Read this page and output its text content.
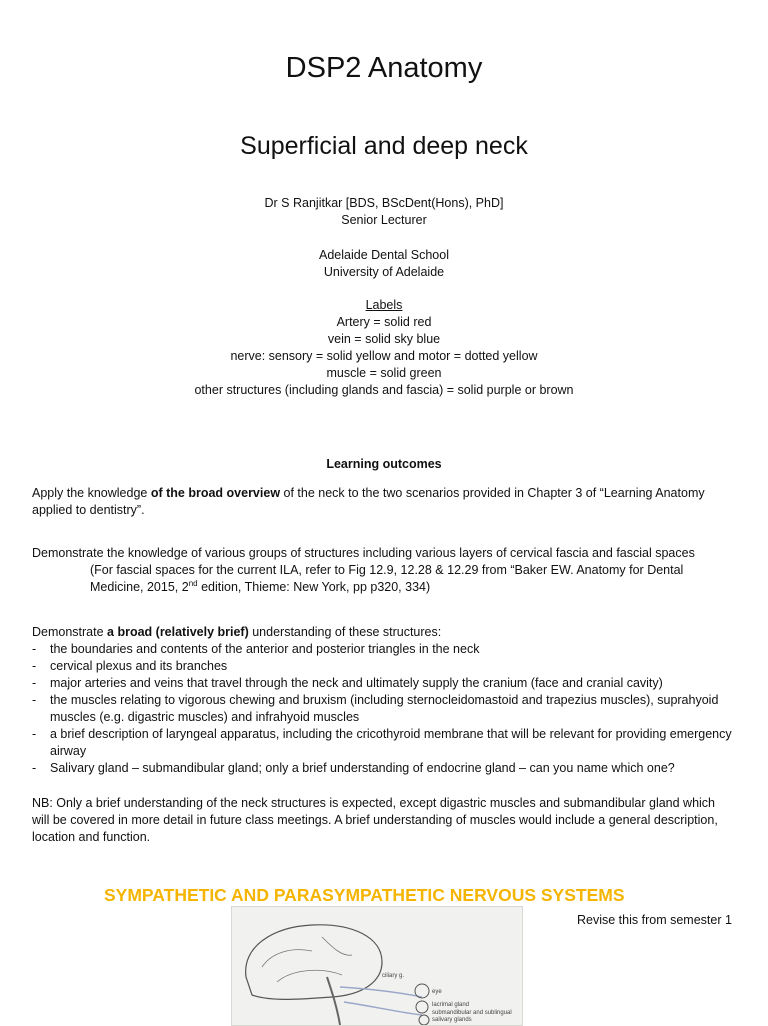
DSP2 Anatomy
Superficial and deep neck
Dr S Ranjitkar [BDS, BScDent(Hons), PhD]
Senior Lecturer
Adelaide Dental School
University of Adelaide
Labels
Artery = solid red
vein = solid sky blue
nerve: sensory = solid yellow and motor = dotted yellow
muscle = solid green
other structures (including glands and fascia) = solid purple or brown
Learning outcomes
Apply the knowledge of the broad overview of the neck to the two scenarios provided in Chapter 3 of “Learning Anatomy applied to dentistry”.
Demonstrate the knowledge of various groups of structures including various layers of cervical fascia and fascial spaces
(For fascial spaces for the current ILA, refer to Fig 12.9, 12.28 & 12.29 from “Baker EW. Anatomy for Dental Medicine, 2015, 2nd edition, Thieme: New York, pp p320, 334)
Demonstrate a broad (relatively brief) understanding of these structures:
- the boundaries and contents of the anterior and posterior triangles in the neck
- cervical plexus and its branches
- major arteries and veins that travel through the neck and ultimately supply the cranium (face and cranial cavity)
- the muscles relating to vigorous chewing and bruxism (including sternocleidomastoid and trapezius muscles), suprahyoid muscles (e.g. digastric muscles) and infrahyoid muscles
- a brief description of laryngeal apparatus, including the cricothyroid membrane that will be relevant for providing emergency airway
- Salivary gland – submandibular gland; only a brief understanding of endocrine gland – can you name which one?
NB: Only a brief understanding of the neck structures is expected, except digastric muscles and submandibular gland which will be covered in more detail in future class meetings. A brief understanding of muscles would include a general description, location and function.
ciliary g.
eye
lacrimal gland
submandibular and sublingual
salivary glands
SYMPATHETIC AND PARASYMPATHETIC NERVOUS SYSTEMS
Revise this from semester 1
